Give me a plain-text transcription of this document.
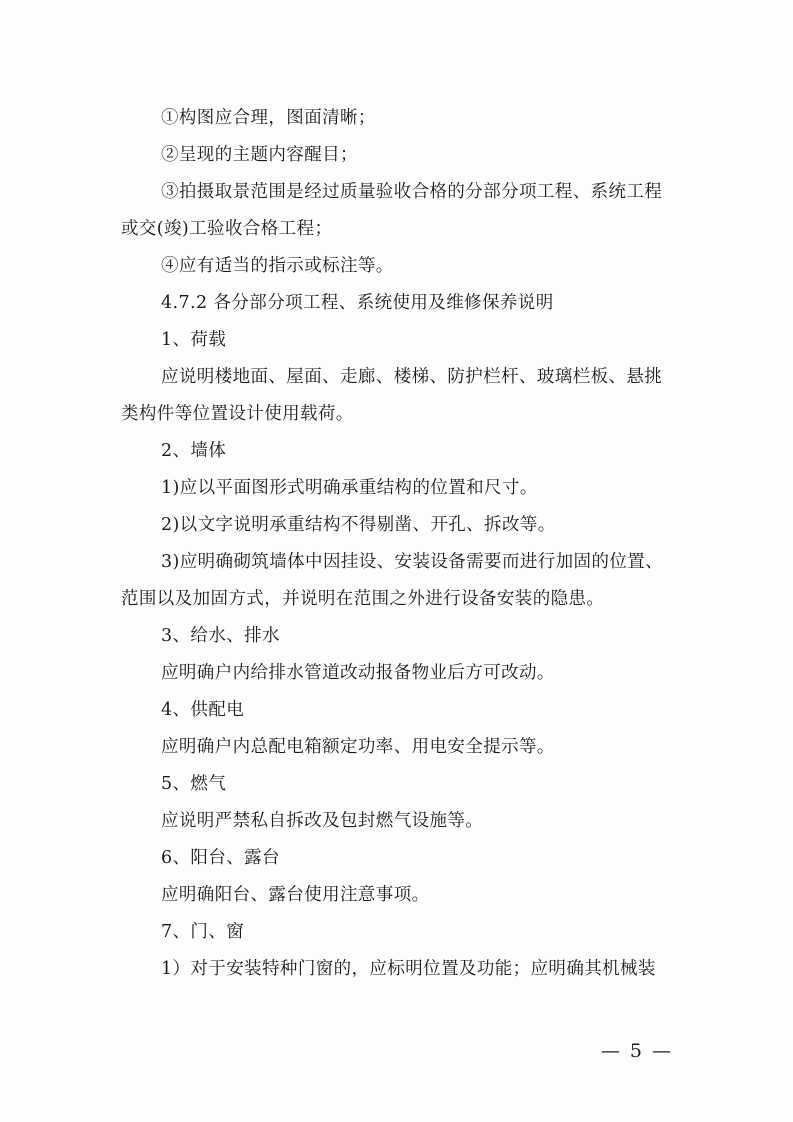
①构图应合理，图面清晰；
②呈现的主题内容醒目；
③拍摄取景范围是经过质量验收合格的分部分项工程、系统工程
或交(竣)工验收合格工程；
④应有适当的指示或标注等。
4.7.2 各分部分项工程、系统使用及维修保养说明
1、荷载
应说明楼地面、屋面、走廊、楼梯、防护栏杆、玻璃栏板、悬挑
类构件等位置设计使用载荷。
2、墙体
1)应以平面图形式明确承重结构的位置和尺寸。
2)以文字说明承重结构不得剔凿、开孔、拆改等。
3)应明确砌筑墙体中因挂设、安装设备需要而进行加固的位置、
范围以及加固方式，并说明在范围之外进行设备安装的隐患。
3、给水、排水
应明确户内给排水管道改动报备物业后方可改动。
4、供配电
应明确户内总配电箱额定功率、用电安全提示等。
5、燃气
应说明严禁私自拆改及包封燃气设施等。
6、阳台、露台
应明确阳台、露台使用注意事项。
7、门、窗
1）对于安装特种门窗的，应标明位置及功能；应明确其机械装
— 5 —
